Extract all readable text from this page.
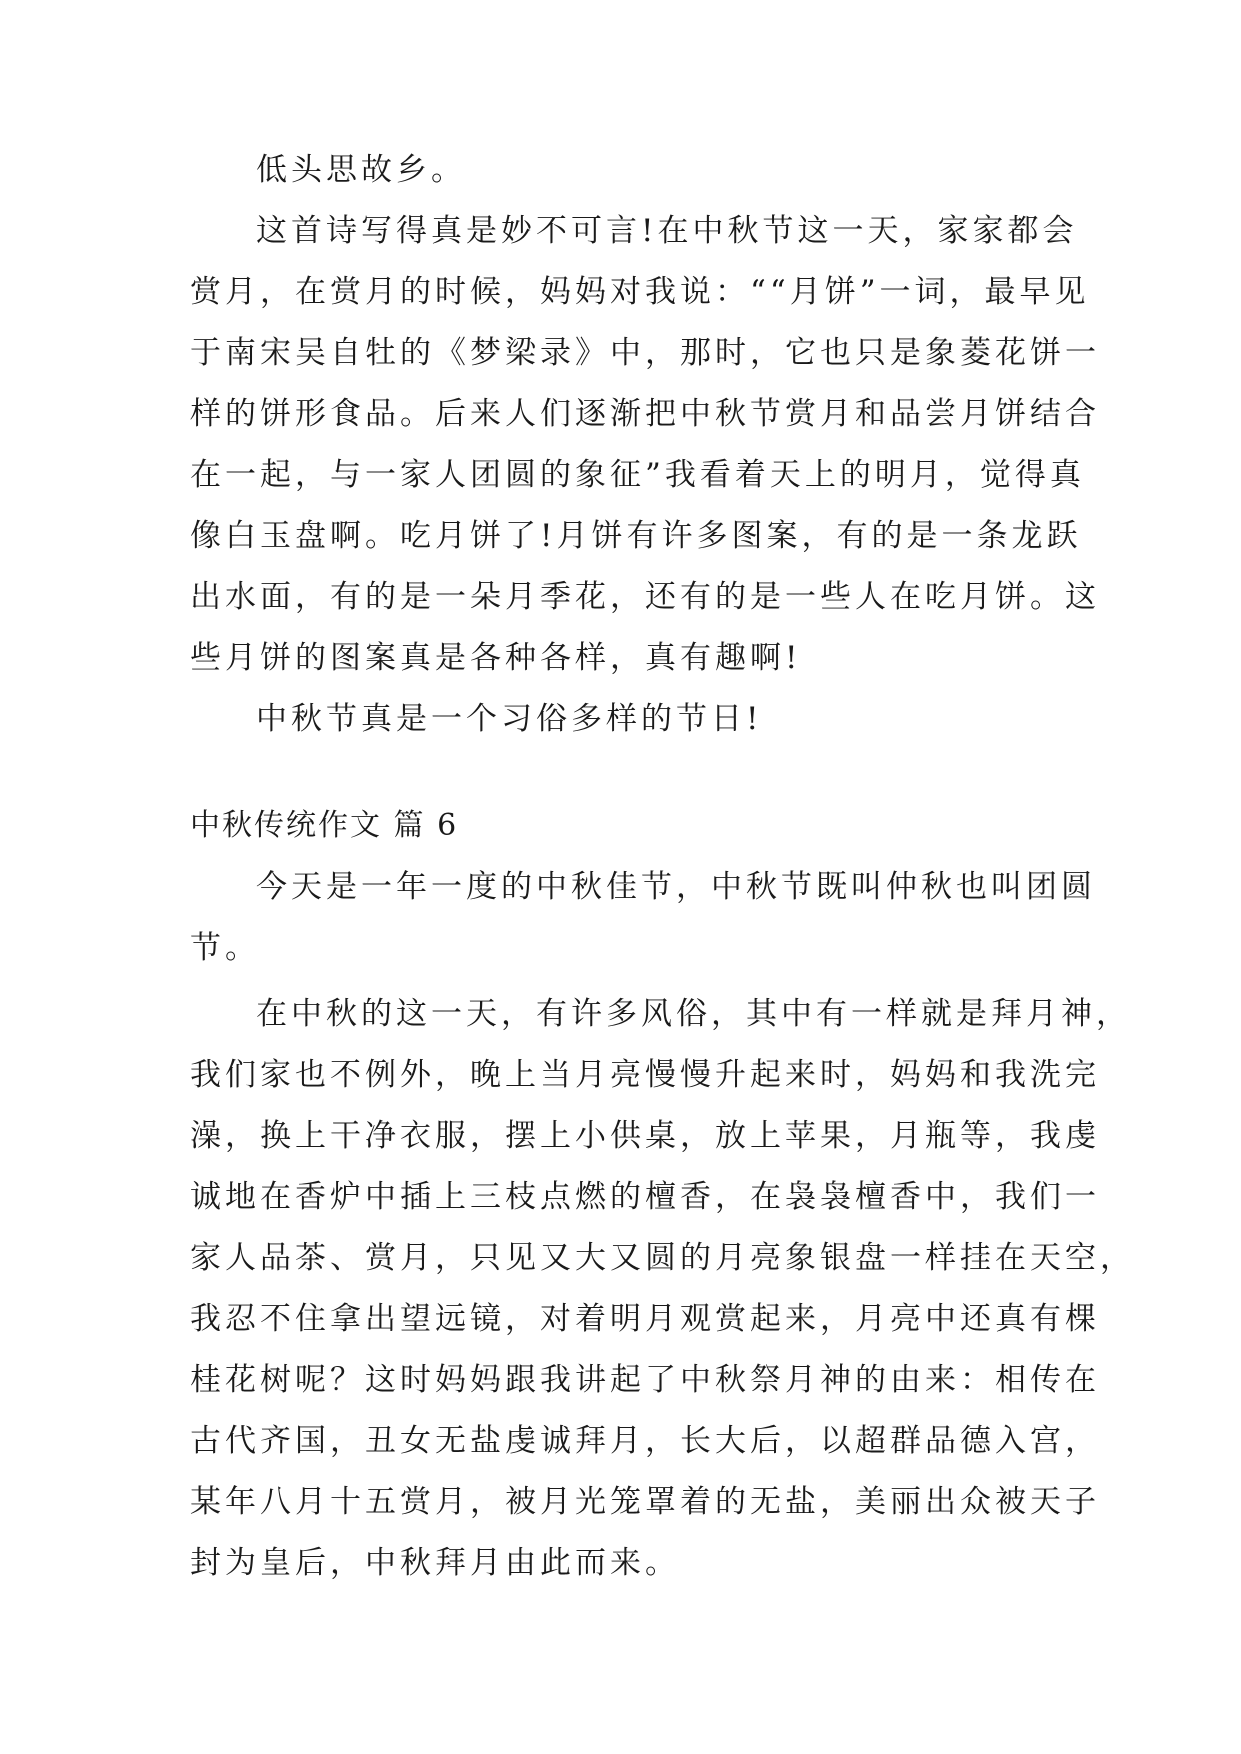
低头思故乡。

这首诗写得真是妙不可言!在中秋节这一天，家家都会

赏月，在赏月的时候，妈妈对我说：““月饼”一词，最早见

于南宋吴自牡的《梦梁录》中，那时，它也只是象菱花饼一

样的饼形食品。后来人们逐渐把中秋节赏月和品尝月饼结合

在一起，与一家人团圆的象征”我看着天上的明月，觉得真

像白玉盘啊。吃月饼了!月饼有许多图案，有的是一条龙跃

出水面，有的是一朵月季花，还有的是一些人在吃月饼。这

些月饼的图案真是各种各样，真有趣啊!

中秋节真是一个习俗多样的节日!

中秋传统作文 篇 6

今天是一年一度的中秋佳节，中秋节既叫仲秋也叫团圆

节。

在中秋的这一天，有许多风俗，其中有一样就是拜月神，

我们家也不例外，晚上当月亮慢慢升起来时，妈妈和我洗完

澡，换上干净衣服，摆上小供桌，放上苹果，月瓶等，我虔

诚地在香炉中插上三枝点燃的檀香，在袅袅檀香中，我们一

家人品茶、赏月，只见又大又圆的月亮象银盘一样挂在天空，

我忍不住拿出望远镜，对着明月观赏起来，月亮中还真有棵

桂花树呢？这时妈妈跟我讲起了中秋祭月神的由来：相传在

古代齐国，丑女无盐虔诚拜月，长大后，以超群品德入宫，

某年八月十五赏月，被月光笼罩着的无盐，美丽出众被天子

封为皇后，中秋拜月由此而来。
